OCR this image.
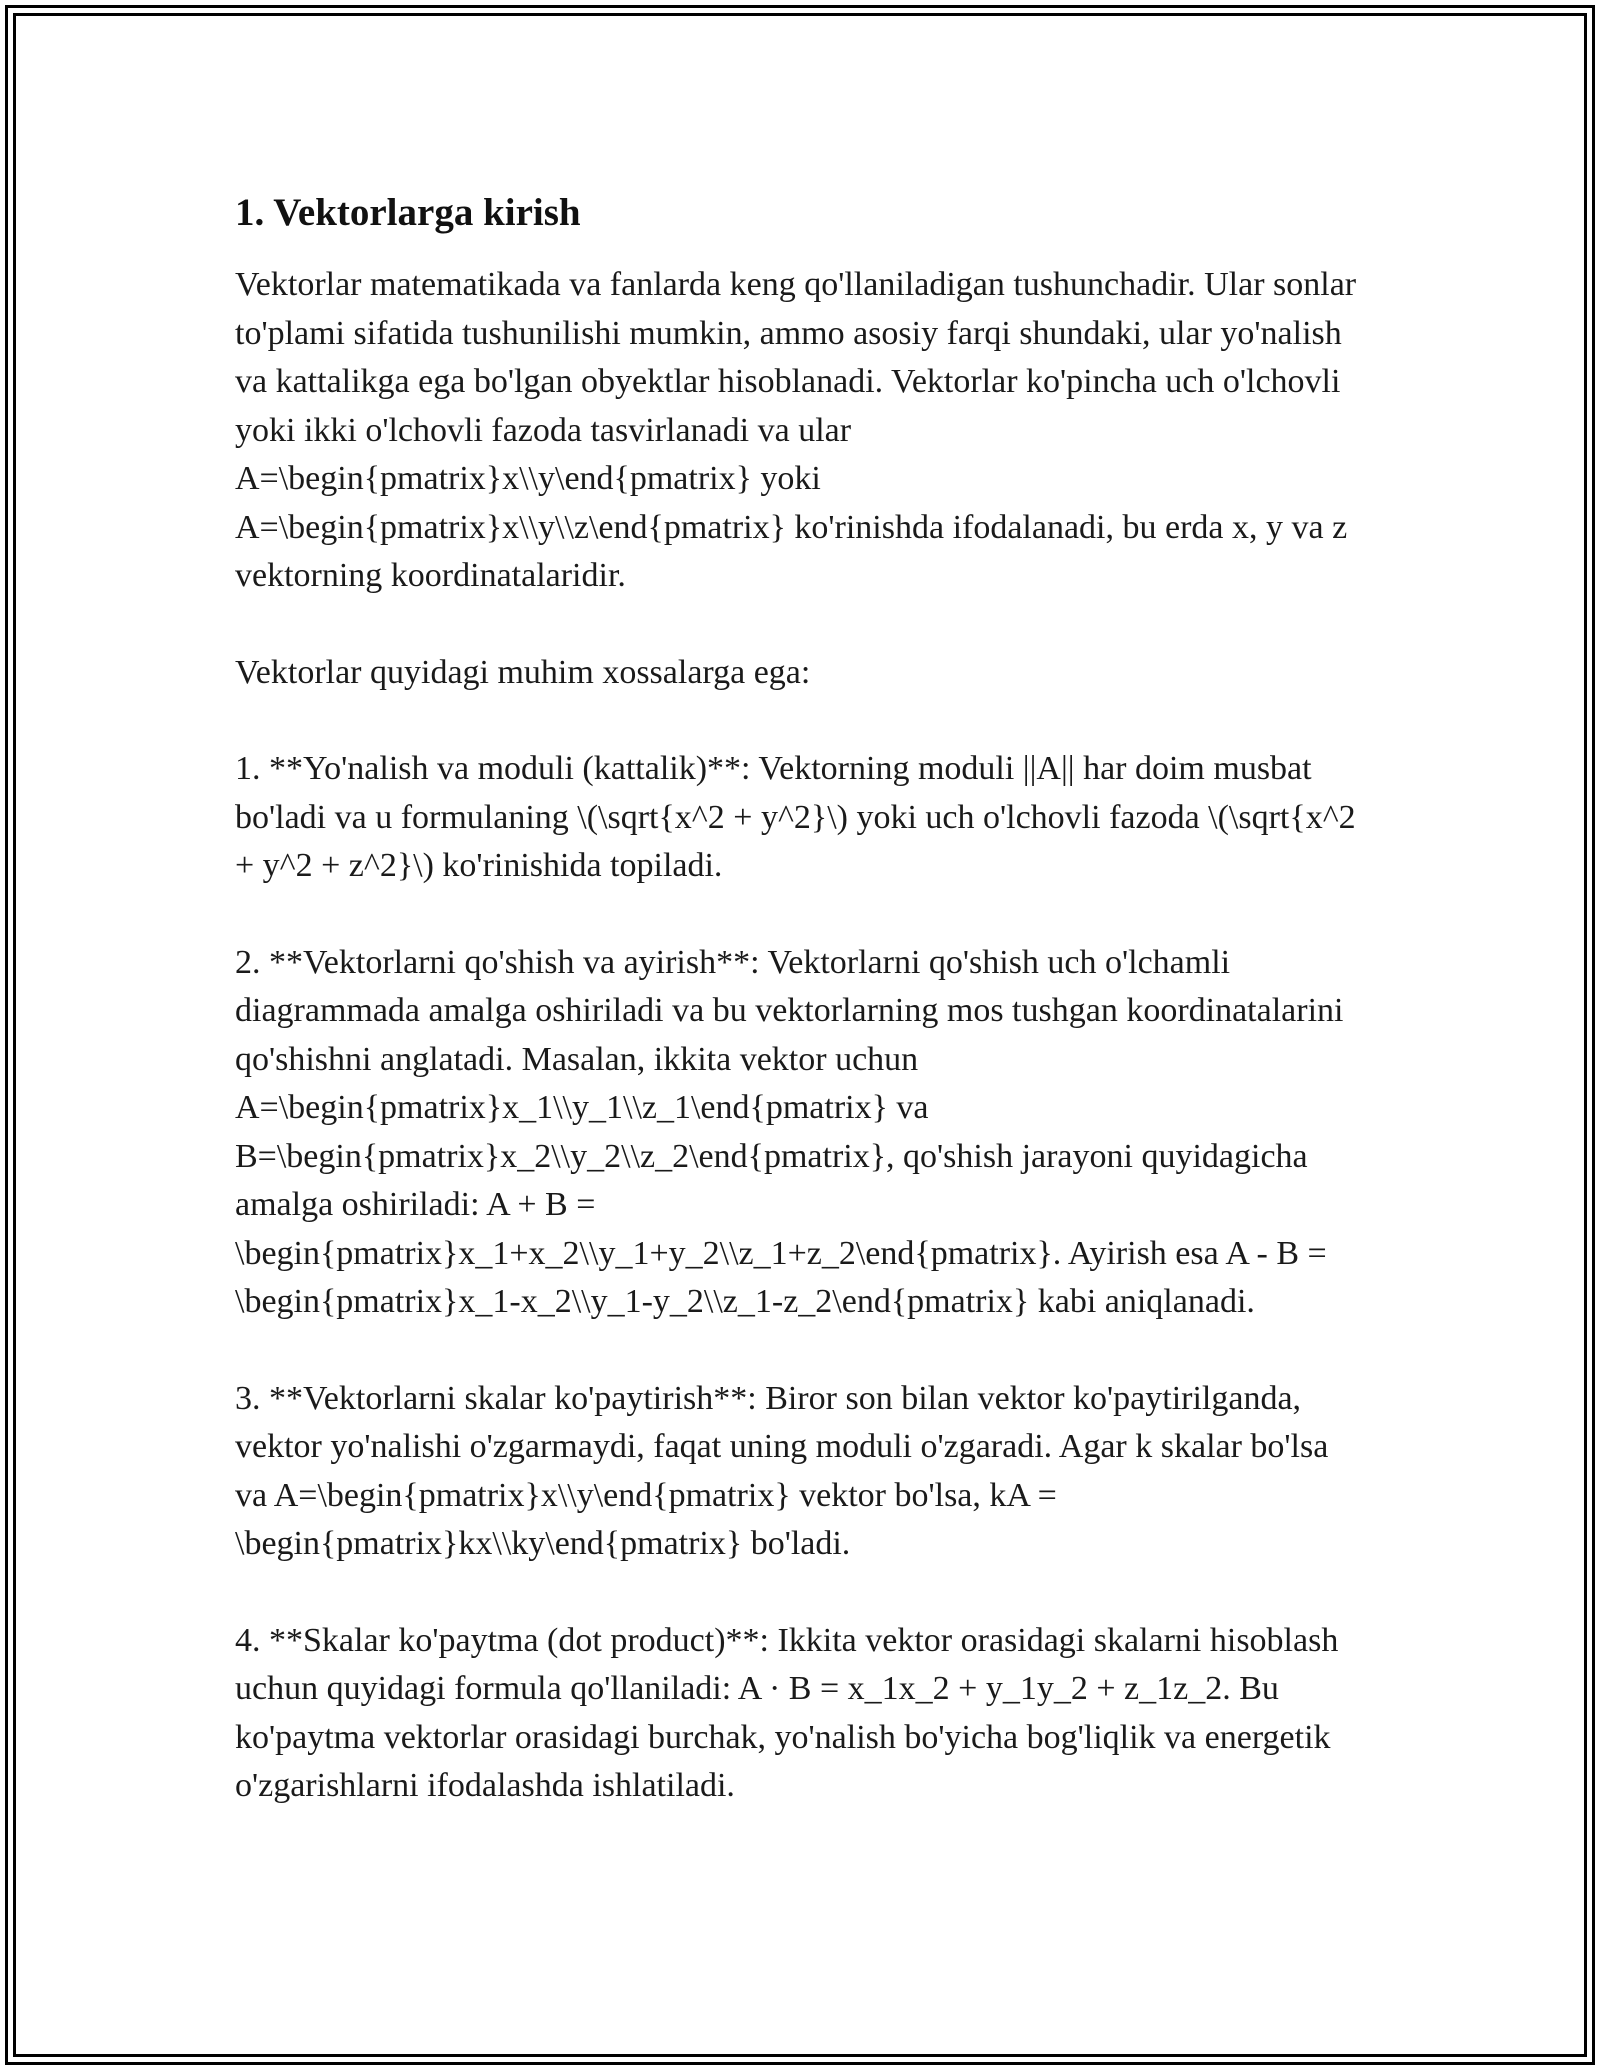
1. Vektorlarga kirish

Vektorlar matematikada va fanlarda keng qo'llaniladigan tushunchadir. Ular sonlar to'plami sifatida tushunilishi mumkin, ammo asosiy farqi shundaki, ular yo'nalish va kattalikga ega bo'lgan obyektlar hisoblanadi. Vektorlar ko'pincha uch o'lchovli yoki ikki o'lchovli fazoda tasvirlanadi va ular A=\begin{pmatrix}x\\y\end{pmatrix} yoki A=\begin{pmatrix}x\\y\\z\end{pmatrix} ko'rinishda ifodalanadi, bu erda x, y va z vektorning koordinatalaridir.

Vektorlar quyidagi muhim xossalarga ega:

1. **Yo'nalish va moduli (kattalik)**: Vektorning moduli ||A|| har doim musbat bo'ladi va u formulaning \(\sqrt{x^2 + y^2}\) yoki uch o'lchovli fazoda \(\sqrt{x^2 + y^2 + z^2}\) ko'rinishida topiladi.

2. **Vektorlarni qo'shish va ayirish**: Vektorlarni qo'shish uch o'lchamli diagrammada amalga oshiriladi va bu vektorlarning mos tushgan koordinatalarini qo'shishni anglatadi. Masalan, ikkita vektor uchun A=\begin{pmatrix}x_1\\y_1\\z_1\end{pmatrix} va B=\begin{pmatrix}x_2\\y_2\\z_2\end{pmatrix}, qo'shish jarayoni quyidagicha amalga oshiriladi: A + B = \begin{pmatrix}x_1+x_2\\y_1+y_2\\z_1+z_2\end{pmatrix}. Ayirish esa A - B = \begin{pmatrix}x_1-x_2\\y_1-y_2\\z_1-z_2\end{pmatrix} kabi aniqlanadi.

3. **Vektorlarni skalar ko'paytirish**: Biror son bilan vektor ko'paytirilganda, vektor yo'nalishi o'zgarmaydi, faqat uning moduli o'zgaradi. Agar k skalar bo'lsa va A=\begin{pmatrix}x\\y\end{pmatrix} vektor bo'lsa, kA = \begin{pmatrix}kx\\ky\end{pmatrix} bo'ladi.

4. **Skalar ko'paytma (dot product)**: Ikkita vektor orasidagi skalarni hisoblash uchun quyidagi formula qo'llaniladi: A · B = x_1x_2 + y_1y_2 + z_1z_2. Bu ko'paytma vektorlar orasidagi burchak, yo'nalish bo'yicha bog'liqlik va energetik o'zgarishlarni ifodalashda ishlatiladi.
